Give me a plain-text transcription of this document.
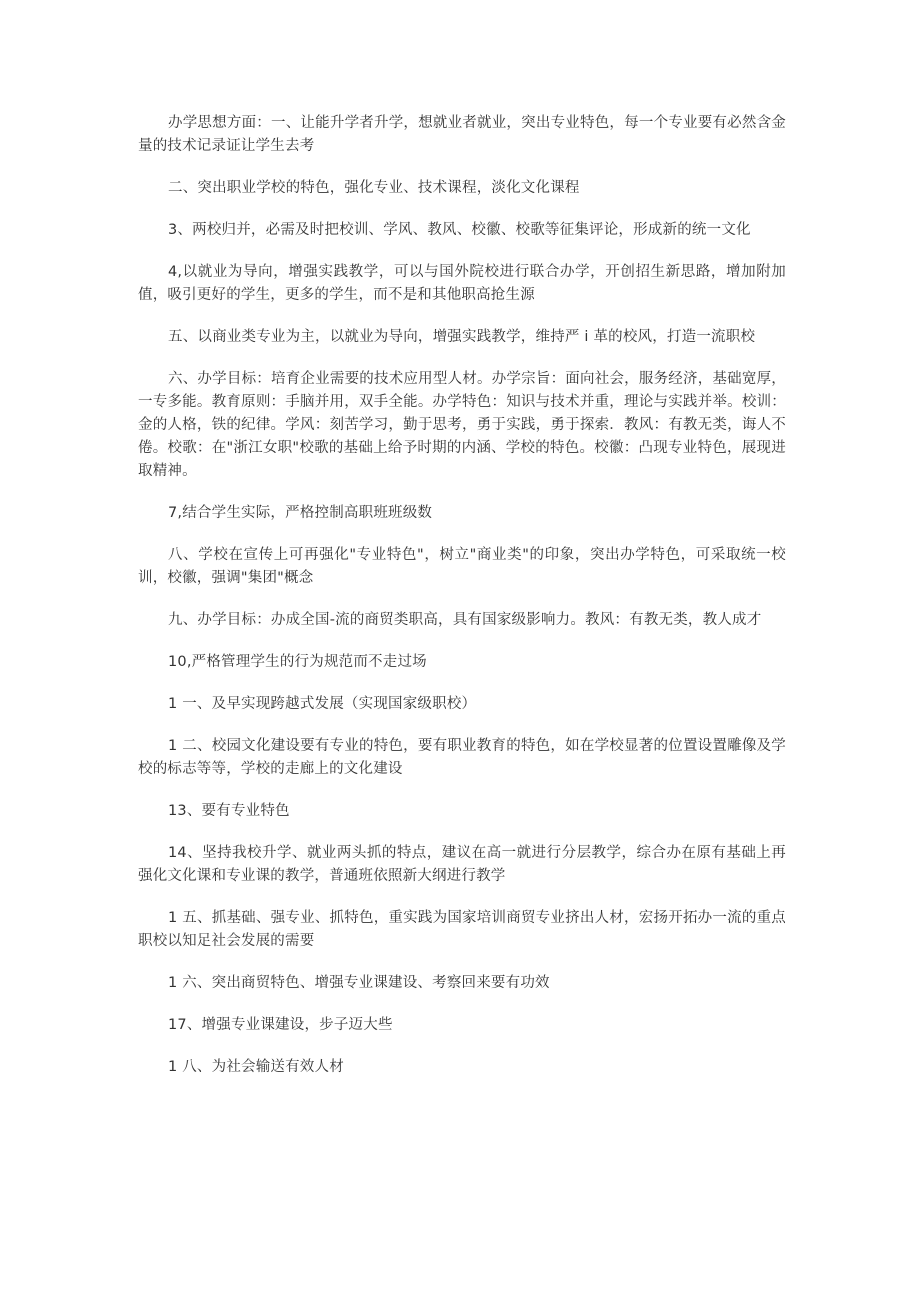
办学思想方面：一、让能升学者升学，想就业者就业，突出专业特色，每一个专业要有必然含金量的技术记录证让学生去考

二、突出职业学校的特色，强化专业、技术课程，淡化文化课程

3、两校归并，必需及时把校训、学风、教风、校徽、校歌等征集评论，形成新的统一文化

4,以就业为导向，增强实践教学，可以与国外院校进行联合办学，开创招生新思路，增加附加值，吸引更好的学生，更多的学生，而不是和其他职高抢生源

五、以商业类专业为主，以就业为导向，增强实践教学，维持严 i 革的校风，打造一流职校

六、办学目标：培育企业需要的技术应用型人材。办学宗旨：面向社会，服务经济，基础宽厚，一专多能。教育原则：手脑并用，双手全能。办学特色：知识与技术并重，理论与实践并举。校训：金的人格，铁的纪律。学风：刻苦学习，勤于思考，勇于实践，勇于探索．教风：有教无类，诲人不倦。校歌：在"浙江女职"校歌的基础上给予时期的内涵、学校的特色。校徽：凸现专业特色，展现进取精神。

7,结合学生实际，严格控制高职班班级数

八、学校在宣传上可再强化"专业特色"，树立"商业类"的印象，突出办学特色，可采取统一校训，校徽，强调"集团"概念

九、办学目标：办成全国-流的商贸类职高，具有国家级影响力。教风：有教无类，教人成才

10,严格管理学生的行为规范而不走过场

1 一、及早实现跨越式发展（实现国家级职校）

1 二、校园文化建设要有专业的特色，要有职业教育的特色，如在学校显著的位置设置雕像及学校的标志等等，学校的走廊上的文化建设

13、要有专业特色

14、坚持我校升学、就业两头抓的特点，建议在高一就进行分层教学，综合办在原有基础上再强化文化课和专业课的教学，普通班依照新大纲进行教学

1 五、抓基础、强专业、抓特色，重实践为国家培训商贸专业挤出人材，宏扬开拓办一流的重点职校以知足社会发展的需要

1 六、突出商贸特色、增强专业课建设、考察回来要有功效

17、增强专业课建设，步子迈大些

1 八、为社会输送有效人材
